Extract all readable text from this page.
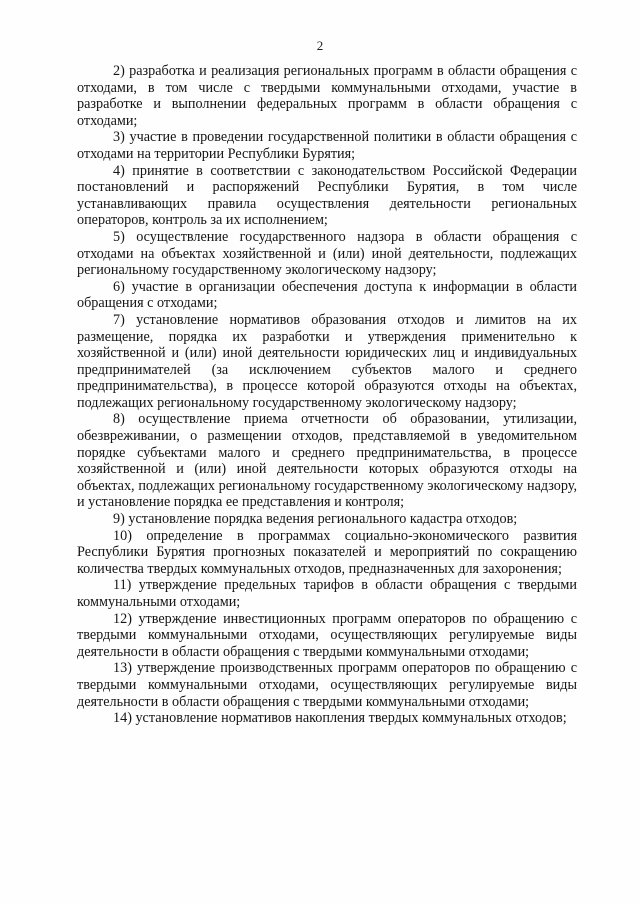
2

2) разработка и реализация региональных программ в области обращения с отходами, в том числе с твердыми коммунальными отходами, участие в разработке и выполнении федеральных программ в области обращения с отходами;

3) участие в проведении государственной политики в области обращения с отходами на территории Республики Бурятия;

4) принятие в соответствии с законодательством Российской Федерации постановлений и распоряжений Республики Бурятия, в том числе устанавливающих правила осуществления деятельности региональных операторов, контроль за их исполнением;

5) осуществление государственного надзора в области обращения с отходами на объектах хозяйственной и (или) иной деятельности, подлежащих региональному государственному экологическому надзору;

6) участие в организации обеспечения доступа к информации в области обращения с отходами;

7) установление нормативов образования отходов и лимитов на их размещение, порядка их разработки и утверждения применительно к хозяйственной и (или) иной деятельности юридических лиц и индивидуальных предпринимателей (за исключением субъектов малого и среднего предпринимательства), в процессе которой образуются отходы на объектах, подлежащих региональному государственному экологическому надзору;

8) осуществление приема отчетности об образовании, утилизации, обезвреживании, о размещении отходов, представляемой в уведомительном порядке субъектами малого и среднего предпринимательства, в процессе хозяйственной и (или) иной деятельности которых образуются отходы на объектах, подлежащих региональному государственному экологическому надзору, и установление порядка ее представления и контроля;

9) установление порядка ведения регионального кадастра отходов;

10) определение в программах социально-экономического развития Республики Бурятия прогнозных показателей и мероприятий по сокращению количества твердых коммунальных отходов, предназначенных для захоронения;

11) утверждение предельных тарифов в области обращения с твердыми коммунальными отходами;

12) утверждение инвестиционных программ операторов по обращению с твердыми коммунальными отходами, осуществляющих регулируемые виды деятельности в области обращения с твердыми коммунальными отходами;

13) утверждение производственных программ операторов по обращению с твердыми коммунальными отходами, осуществляющих регулируемые виды деятельности в области обращения с твердыми коммунальными отходами;

14) установление нормативов накопления твердых коммунальных отходов;
